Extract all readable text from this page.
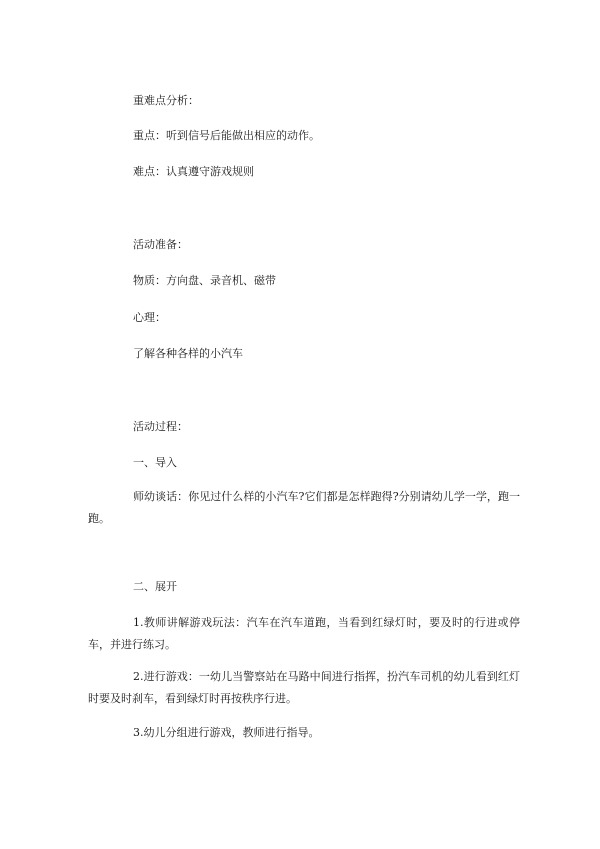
重难点分析：
重点：听到信号后能做出相应的动作。
难点：认真遵守游戏规则
活动准备：
物质：方向盘、录音机、磁带
心理：
了解各种各样的小汽车
活动过程：
一、导入
师幼谈话：你见过什么样的小汽车?它们都是怎样跑得?分别请幼儿学一学，跑一跑。
二、展开
1.教师讲解游戏玩法：汽车在汽车道跑，当看到红绿灯时，要及时的行进或停车，并进行练习。
2.进行游戏：一幼儿当警察站在马路中间进行指挥，扮汽车司机的幼儿看到红灯时要及时刹车，看到绿灯时再按秩序行进。
3.幼儿分组进行游戏，教师进行指导。
